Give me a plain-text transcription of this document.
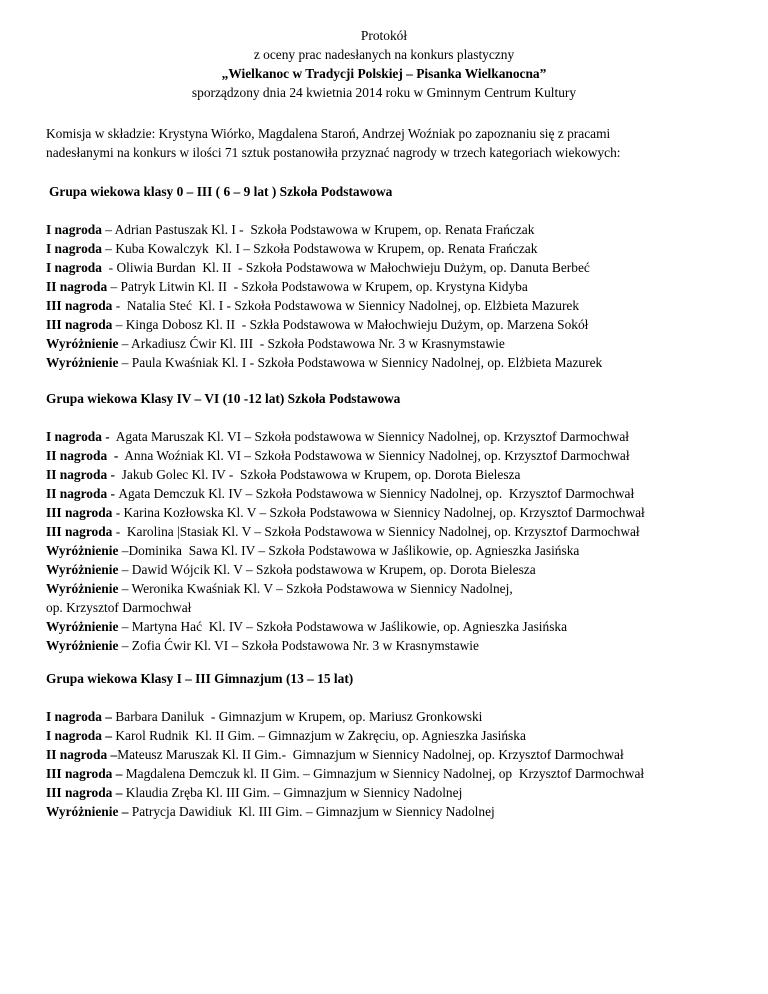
Protokół
z oceny prac nadesłanych na konkurs plastyczny
„Wielkanoc w Tradycji Polskiej – Pisanka Wielkanocna”
sporządzony dnia 24 kwietnia 2014 roku w Gminnym Centrum Kultury
Komisja w składzie: Krystyna Wiórko, Magdalena Staroń, Andrzej Woźniak po zapoznaniu się z pracami
nadesłanymi na konkurs w ilości 71 sztuk postanowiła przyznać nagrody w trzech kategoriach wiekowych:
Grupa wiekowa klasy 0 – III ( 6 – 9 lat ) Szkoła Podstawowa
I nagroda – Adrian Pastuszak Kl. I -  Szkoła Podstawowa w Krupem, op. Renata Frańczak
I nagroda – Kuba Kowalczyk  Kl. I – Szkoła Podstawowa w Krupem, op. Renata Frańczak
I nagroda  - Oliwia Burdan  Kl. II  - Szkoła Podstawowa w Małochwieju Dużym, op. Danuta Berbeć
II nagroda – Patryk Litwin Kl. II  - Szkoła Podstawowa w Krupem, op. Krystyna Kidyba
III nagroda -  Natalia Steć  Kl. I - Szkoła Podstawowa w Siennicy Nadolnej, op. Elżbieta Mazurek
III nagroda – Kinga Dobosz Kl. II  - Szkła Podstawowa w Małochwieju Dużym, op. Marzena Sokół
Wyróżnienie – Arkadiusz Ćwir Kl. III  - Szkoła Podstawowa Nr. 3 w Krasnymstawie
Wyróżnienie – Paula Kwaśniak Kl. I - Szkoła Podstawowa w Siennicy Nadolnej, op. Elżbieta Mazurek
Grupa wiekowa Klasy IV – VI (10 -12 lat) Szkoła Podstawowa
I nagroda -  Agata Maruszak Kl. VI – Szkoła podstawowa w Siennicy Nadolnej, op. Krzysztof Darmochwał
II nagroda  -  Anna Woźniak Kl. VI – Szkoła Podstawowa w Siennicy Nadolnej, op. Krzysztof Darmochwał
II nagroda -  Jakub Golec Kl. IV -  Szkoła Podstawowa w Krupem, op. Dorota Bielesza
II nagroda - Agata Demczuk Kl. IV – Szkoła Podstawowa w Siennicy Nadolnej, op.  Krzysztof Darmochwał
III nagroda - Karina Kozłowska Kl. V – Szkoła Podstawowa w Siennicy Nadolnej, op. Krzysztof Darmochwał
III nagroda -  Karolina |Stasiak Kl. V – Szkoła Podstawowa w Siennicy Nadolnej, op. Krzysztof Darmochwał
Wyróżnienie –Dominika  Sawa Kl. IV – Szkoła Podstawowa w Jaślikowie, op. Agnieszka Jasińska
Wyróżnienie – Dawid Wójcik Kl. V – Szkoła podstawowa w Krupem, op. Dorota Bielesza
Wyróżnienie – Weronika Kwaśniak Kl. V – Szkoła Podstawowa w Siennicy Nadolnej,
op. Krzysztof Darmochwał
Wyróżnienie – Martyna Hać  Kl. IV – Szkoła Podstawowa w Jaślikowie, op. Agnieszka Jasińska
Wyróżnienie – Zofia Ćwir Kl. VI – Szkoła Podstawowa Nr. 3 w Krasnymstawie
Grupa wiekowa Klasy I – III Gimnazjum (13 – 15 lat)
I nagroda – Barbara Daniluk  - Gimnazjum w Krupem, op. Mariusz Gronkowski
I nagroda – Karol Rudnik  Kl. II Gim. – Gimnazjum w Zakręciu, op. Agnieszka Jasińska
II nagroda –Mateusz Maruszak Kl. II Gim.-  Gimnazjum w Siennicy Nadolnej, op. Krzysztof Darmochwał
III nagroda – Magdalena Demczuk kl. II Gim. – Gimnazjum w Siennicy Nadolnej, op  Krzysztof Darmochwał
III nagroda – Klaudia Zręba Kl. III Gim. – Gimnazjum w Siennicy Nadolnej
Wyróżnienie – Patrycja Dawidiuk  Kl. III Gim. – Gimnazjum w Siennicy Nadolnej
